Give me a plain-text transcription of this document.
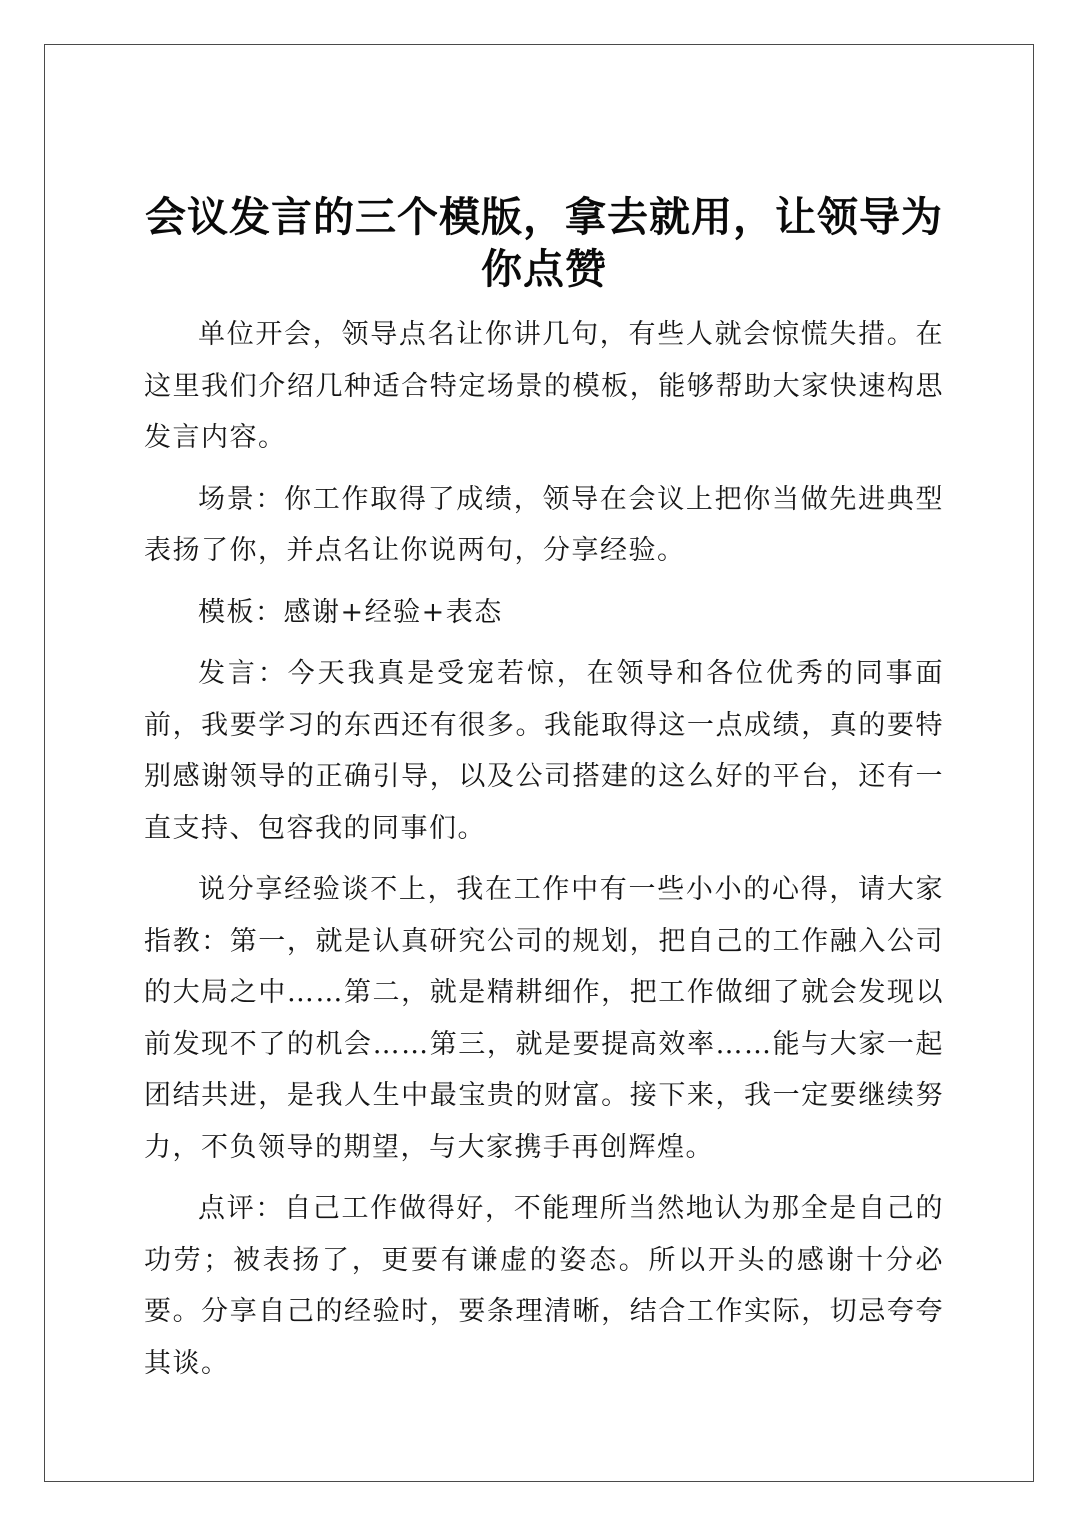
会议发言的三个模版，拿去就用，让领导为你点赞

单位开会，领导点名让你讲几句，有些人就会惊慌失措。在这里我们介绍几种适合特定场景的模板，能够帮助大家快速构思发言内容。

场景：你工作取得了成绩，领导在会议上把你当做先进典型表扬了你，并点名让你说两句，分享经验。

模板：感谢+经验+表态

发言：今天我真是受宠若惊，在领导和各位优秀的同事面前，我要学习的东西还有很多。我能取得这一点成绩，真的要特别感谢领导的正确引导，以及公司搭建的这么好的平台，还有一直支持、包容我的同事们。

说分享经验谈不上，我在工作中有一些小小的心得，请大家指教：第一，就是认真研究公司的规划，把自己的工作融入公司的大局之中……第二，就是精耕细作，把工作做细了就会发现以前发现不了的机会……第三，就是要提高效率……能与大家一起团结共进，是我人生中最宝贵的财富。接下来，我一定要继续努力，不负领导的期望，与大家携手再创辉煌。

点评：自己工作做得好，不能理所当然地认为那全是自己的功劳；被表扬了，更要有谦虚的姿态。所以开头的感谢十分必要。分享自己的经验时，要条理清晰，结合工作实际，切忌夸夸其谈。
